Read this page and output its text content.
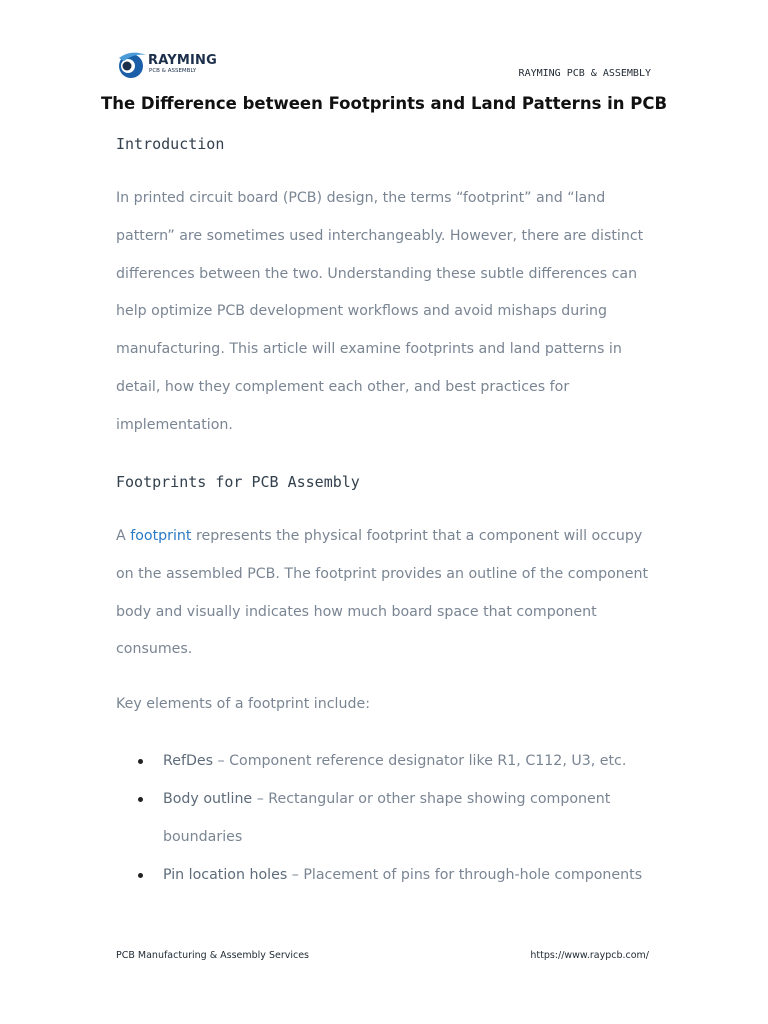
RAYMING
PCB & ASSEMBLY	RAYMING PCB & ASSEMBLY
The Difference between Footprints and Land Patterns in PCB
Introduction

In printed circuit board (PCB) design, the terms “footprint” and “land pattern” are sometimes used interchangeably. However, there are distinct differences between the two. Understanding these subtle differences can help optimize PCB development workflows and avoid mishaps during manufacturing. This article will examine footprints and land patterns in detail, how they complement each other, and best practices for implementation.

Footprints for PCB Assembly

A footprint represents the physical footprint that a component will occupy on the assembled PCB. The footprint provides an outline of the component body and visually indicates how much board space that component consumes.

Key elements of a footprint include:

RefDes – Component reference designator like R1, C112, U3, etc.
Body outline – Rectangular or other shape showing component boundaries
Pin location holes – Placement of pins for through-hole components
PCB Manufacturing & Assembly Services	https://www.raypcb.com/
